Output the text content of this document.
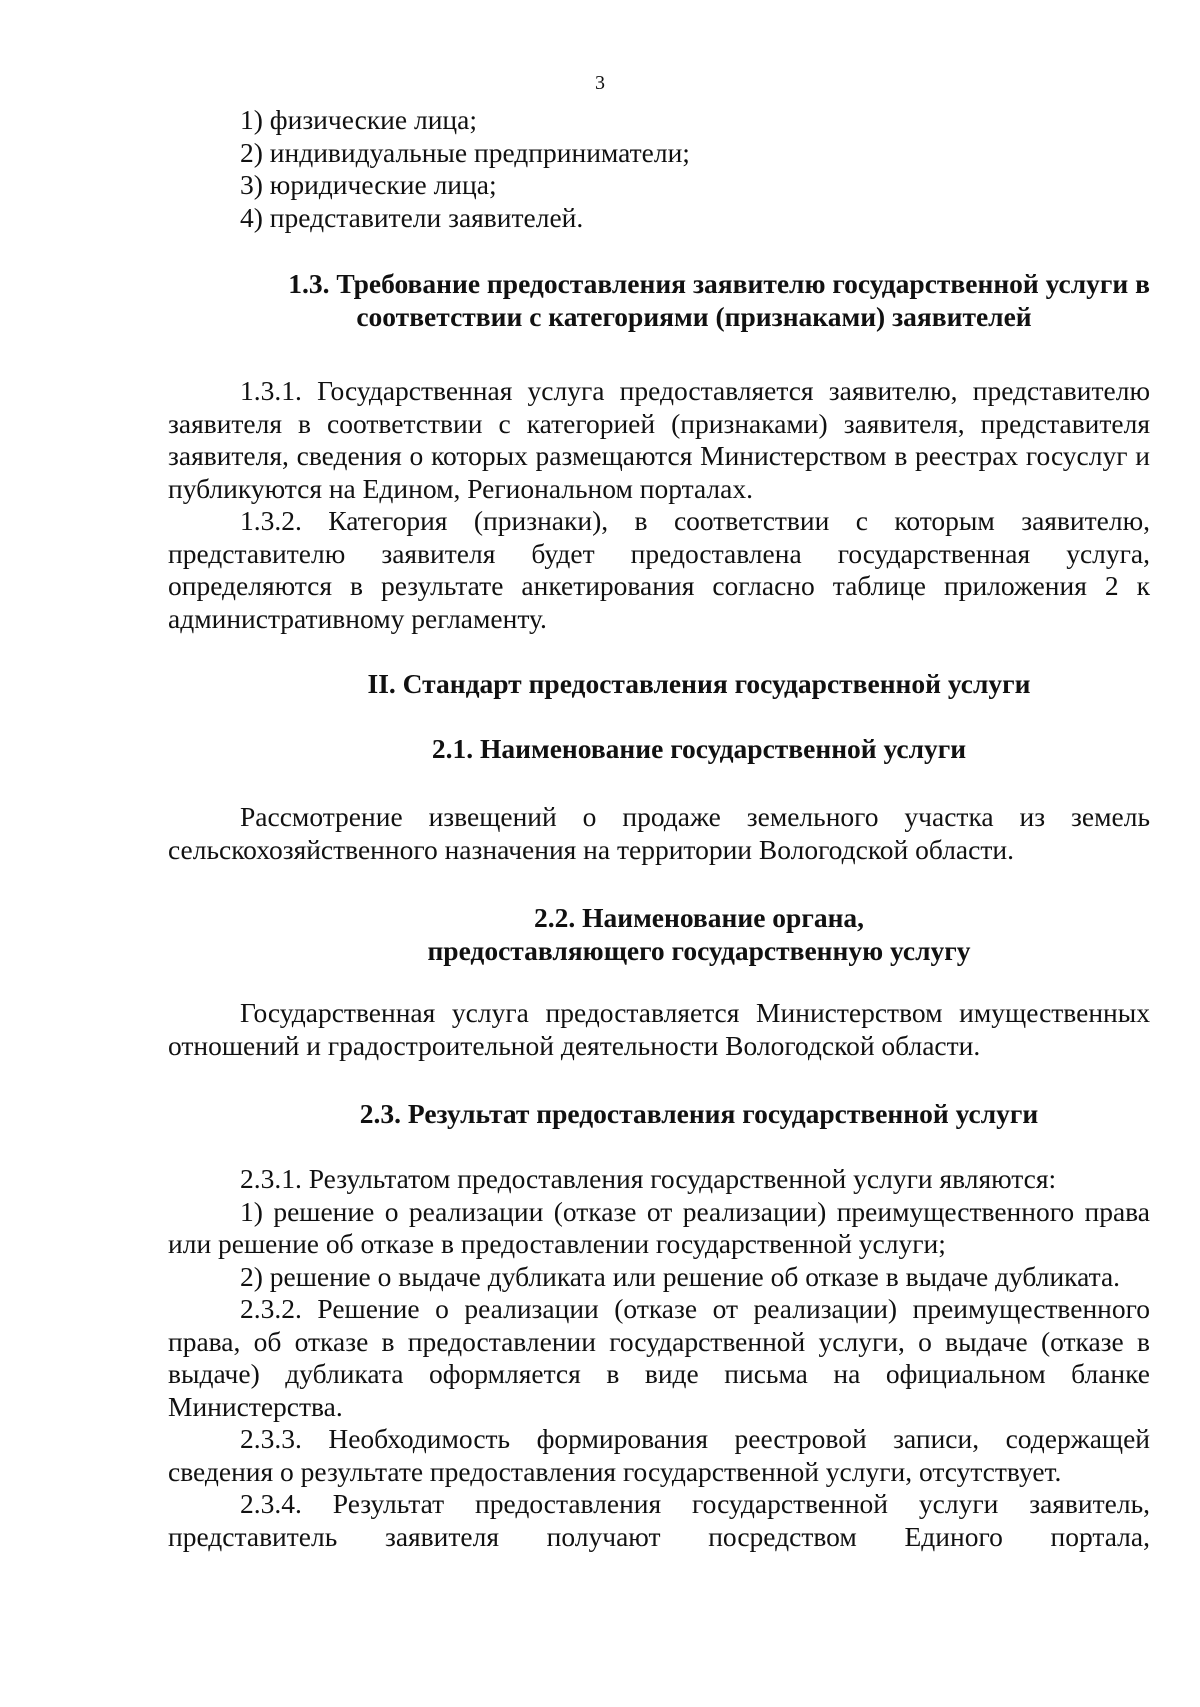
3

1) физические лица;

2) индивидуальные предприниматели;

3) юридические лица;

4) представители заявителей.

1.3. Требование предоставления заявителю государственной услуги в
соответствии с категориями (признаками) заявителей

1.3.1. Государственная услуга предоставляется заявителю, представителю заявителя в соответствии с категорией (признаками) заявителя, представителя заявителя, сведения о которых размещаются Министерством в реестрах госуслуг и публикуются на Едином, Региональном порталах.

1.3.2. Категория (признаки), в соответствии с которым заявителю, представителю заявителя будет предоставлена государственная услуга, определяются в результате анкетирования согласно таблице приложения 2 к административному регламенту.

II. Стандарт предоставления государственной услуги
2.1. Наименование государственной услуги

Рассмотрение извещений о продаже земельного участка из земель сельскохозяйственного назначения на территории Вологодской области.

2.2. Наименование органа,
предоставляющего государственную услугу

Государственная услуга предоставляется Министерством имущественных отношений и градостроительной деятельности Вологодской области.

2.3. Результат предоставления государственной услуги

2.3.1. Результатом предоставления государственной услуги являются:

1) решение о реализации (отказе от реализации) преимущественного права или решение об отказе в предоставлении государственной услуги;

2) решение о выдаче дубликата или решение об отказе в выдаче дубликата.

2.3.2. Решение о реализации (отказе от реализации) преимущественного права, об отказе в предоставлении государственной услуги, о выдаче (отказе в выдаче) дубликата оформляется в виде письма на официальном бланке Министерства.

2.3.3. Необходимость формирования реестровой записи, содержащей сведения о результате предоставления государственной услуги, отсутствует.

2.3.4. Результат предоставления государственной услуги заявитель, представитель заявителя получают посредством Единого портала,
